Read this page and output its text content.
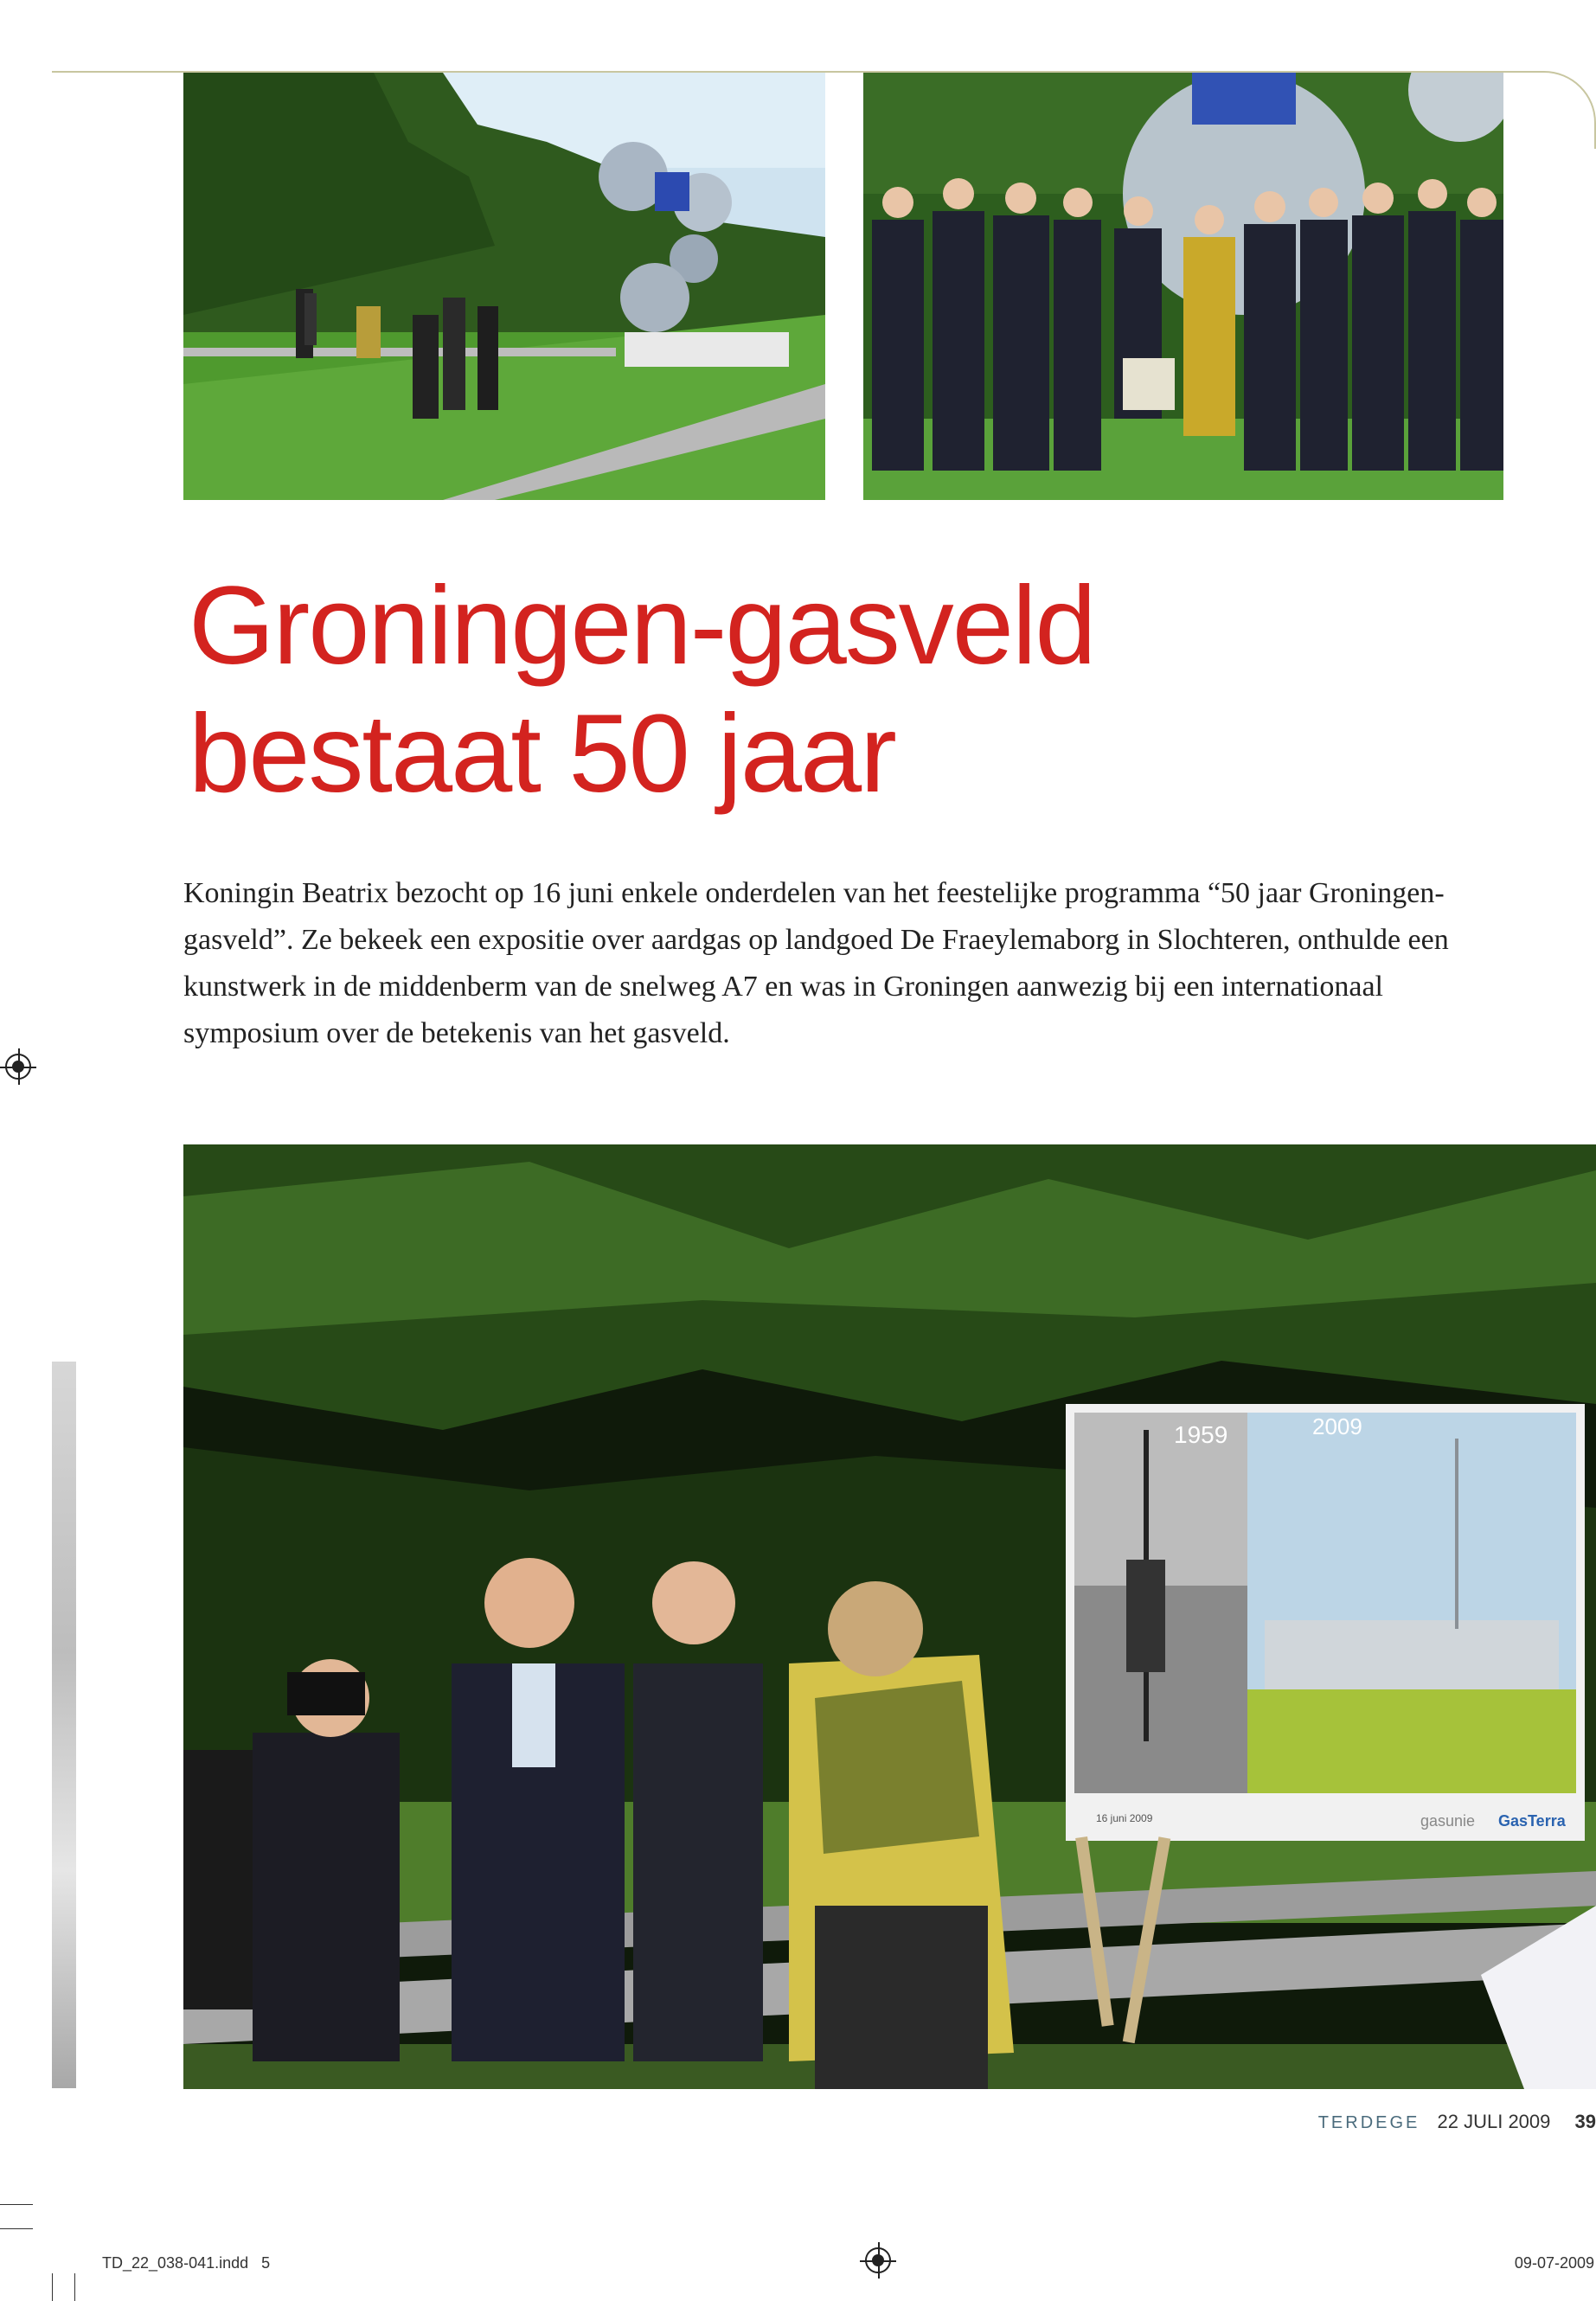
Groningen-gasveld
bestaat 50 jaar
Koningin Beatrix bezocht op 16 juni enkele onderdelen van het feestelijke programma “50 jaar Groningen-gasveld”. Ze bekeek een expositie over aardgas op landgoed De Fraeylemaborg in Slochteren, onthulde een kunstwerk in de middenberm van de snelweg A7 en was in Groningen aanwezig bij een internationaal symposium over de betekenis van het gasveld.
1959	2009
16 juni 2009	gasunie GasTerra
TERDEGE 22 JULI 2009 39
TD_22_038-041.indd   5	09-07-2009
